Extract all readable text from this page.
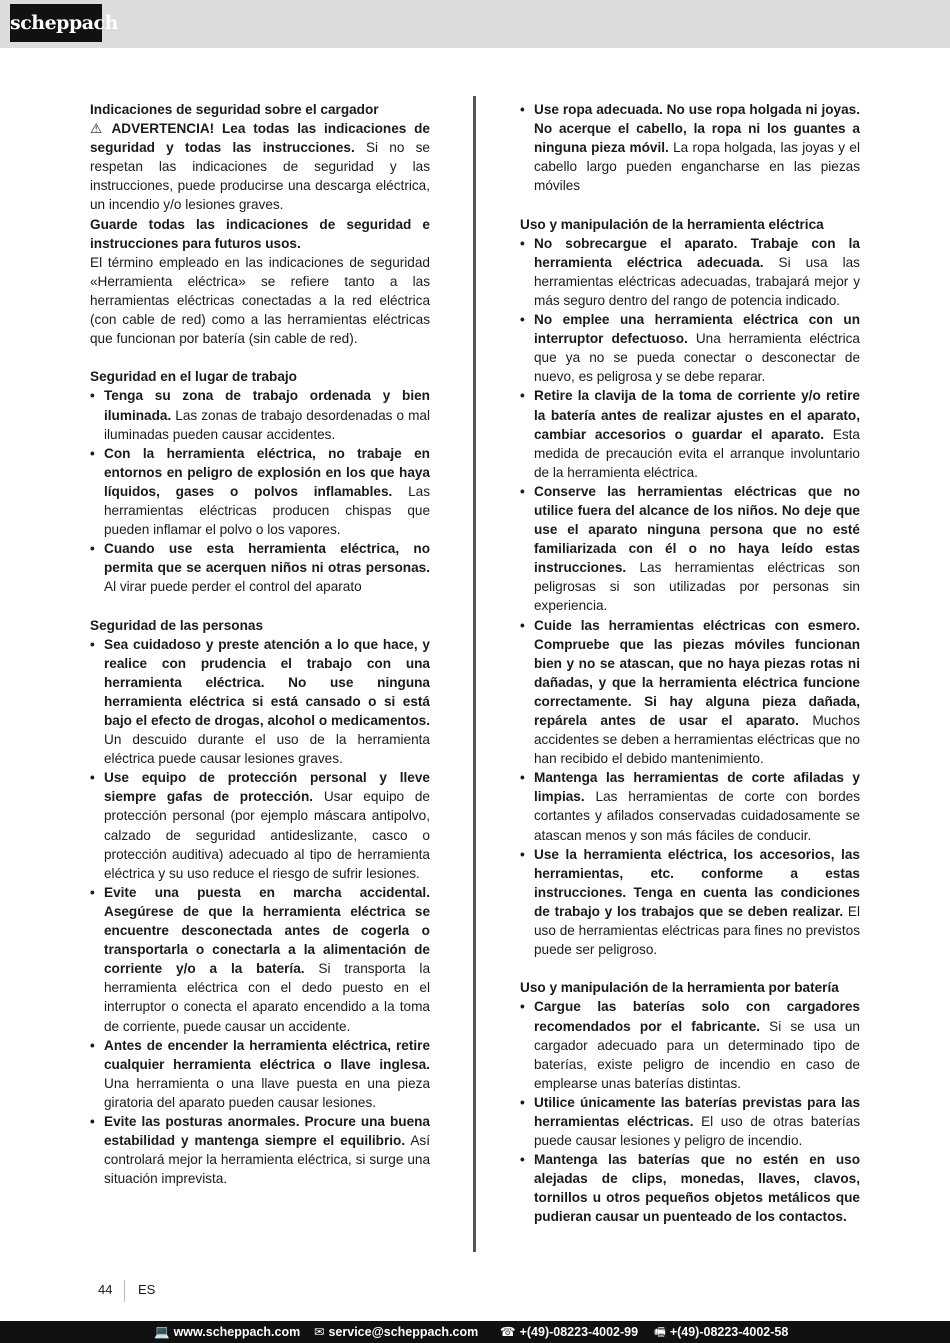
scheppach
Indicaciones de seguridad sobre el cargador

⚠ ADVERTENCIA! Lea todas las indicaciones de seguridad y todas las instrucciones. Si no se respetan las indicaciones de seguridad y las instrucciones, puede producirse una descarga eléctrica, un incendio y/o lesiones graves.

Guarde todas las indicaciones de seguridad e instrucciones para futuros usos.

El término empleado en las indicaciones de seguridad «Herramienta eléctrica» se refiere tanto a las herramientas eléctricas conectadas a la red eléctrica (con cable de red) como a las herramientas eléctricas que funcionan por batería (sin cable de red).

Seguridad en el lugar de trabajo
• Tenga su zona de trabajo ordenada y bien iluminada. Las zonas de trabajo desordenadas o mal iluminadas pueden causar accidentes.
• Con la herramienta eléctrica, no trabaje en entornos en peligro de explosión en los que haya líquidos, gases o polvos inflamables. Las herramientas eléctricas producen chispas que pueden inflamar el polvo o los vapores.
• Cuando use esta herramienta eléctrica, no permita que se acerquen niños ni otras personas. Al virar puede perder el control del aparato
Seguridad de las personas
• Sea cuidadoso y preste atención a lo que hace, y realice con prudencia el trabajo con una herramienta eléctrica. No use ninguna herramienta eléctrica si está cansado o si está bajo el efecto de drogas, alcohol o medicamentos. Un descuido durante el uso de la herramienta eléctrica puede causar lesiones graves.
• Use equipo de protección personal y lleve siempre gafas de protección. Usar equipo de protección personal (por ejemplo máscara antipolvo, calzado de seguridad antideslizante, casco o protección auditiva) adecuado al tipo de herramienta eléctrica y su uso reduce el riesgo de sufrir lesiones.
• Evite una puesta en marcha accidental. Asegúrese de que la herramienta eléctrica se encuentre desconectada antes de cogerla o transportarla o conectarla a la alimentación de corriente y/o a la batería. Si transporta la herramienta eléctrica con el dedo puesto en el interruptor o conecta el aparato encendido a la toma de corriente, puede causar un accidente.
• Antes de encender la herramienta eléctrica, retire cualquier herramienta eléctrica o llave inglesa. Una herramienta o una llave puesta en una pieza giratoria del aparato pueden causar lesiones.
• Evite las posturas anormales. Procure una buena estabilidad y mantenga siempre el equilibrio. Así controlará mejor la herramienta eléctrica, si surge una situación imprevista.
• Use ropa adecuada. No use ropa holgada ni joyas. No acerque el cabello, la ropa ni los guantes a ninguna pieza móvil. La ropa holgada, las joyas y el cabello largo pueden engancharse en las piezas móviles
Uso y manipulación de la herramienta eléctrica
• No sobrecargue el aparato. Trabaje con la herramienta eléctrica adecuada. Si usa las herramientas eléctricas adecuadas, trabajará mejor y más seguro dentro del rango de potencia indicado.
• No emplee una herramienta eléctrica con un interruptor defectuoso. Una herramienta eléctrica que ya no se pueda conectar o desconectar de nuevo, es peligrosa y se debe reparar.
• Retire la clavija de la toma de corriente y/o retire la batería antes de realizar ajustes en el aparato, cambiar accesorios o guardar el aparato. Esta medida de precaución evita el arranque involuntario de la herramienta eléctrica.
• Conserve las herramientas eléctricas que no utilice fuera del alcance de los niños. No deje que use el aparato ninguna persona que no esté familiarizada con él o no haya leído estas instrucciones. Las herramientas eléctricas son peligrosas si son utilizadas por personas sin experiencia.
• Cuide las herramientas eléctricas con esmero. Compruebe que las piezas móviles funcionan bien y no se atascan, que no haya piezas rotas ni dañadas, y que la herramienta eléctrica funcione correctamente. Si hay alguna pieza dañada, repárela antes de usar el aparato. Muchos accidentes se deben a herramientas eléctricas que no han recibido el debido mantenimiento.
• Mantenga las herramientas de corte afiladas y limpias. Las herramientas de corte con bordes cortantes y afilados conservadas cuidadosamente se atascan menos y son más fáciles de conducir.
• Use la herramienta eléctrica, los accesorios, las herramientas, etc. conforme a estas instrucciones. Tenga en cuenta las condiciones de trabajo y los trabajos que se deben realizar. El uso de herramientas eléctricas para fines no previstos puede ser peligroso.
Uso y manipulación de la herramienta por batería
• Cargue las baterías solo con cargadores recomendados por el fabricante. Si se usa un cargador adecuado para un determinado tipo de baterías, existe peligro de incendio en caso de emplearse unas baterías distintas.
• Utilice únicamente las baterías previstas para las herramientas eléctricas. El uso de otras baterías puede causar lesiones y peligro de incendio.
• Mantenga las baterías que no estén en uso alejadas de clips, monedas, llaves, clavos, tornillos u otros pequeños objetos metálicos que pudieran causar un puenteado de los contactos.
44 ES
💻 www.scheppach.com ✉ service@scheppach.com ☎ +(49)-08223-4002-99 🖷 +(49)-08223-4002-58
